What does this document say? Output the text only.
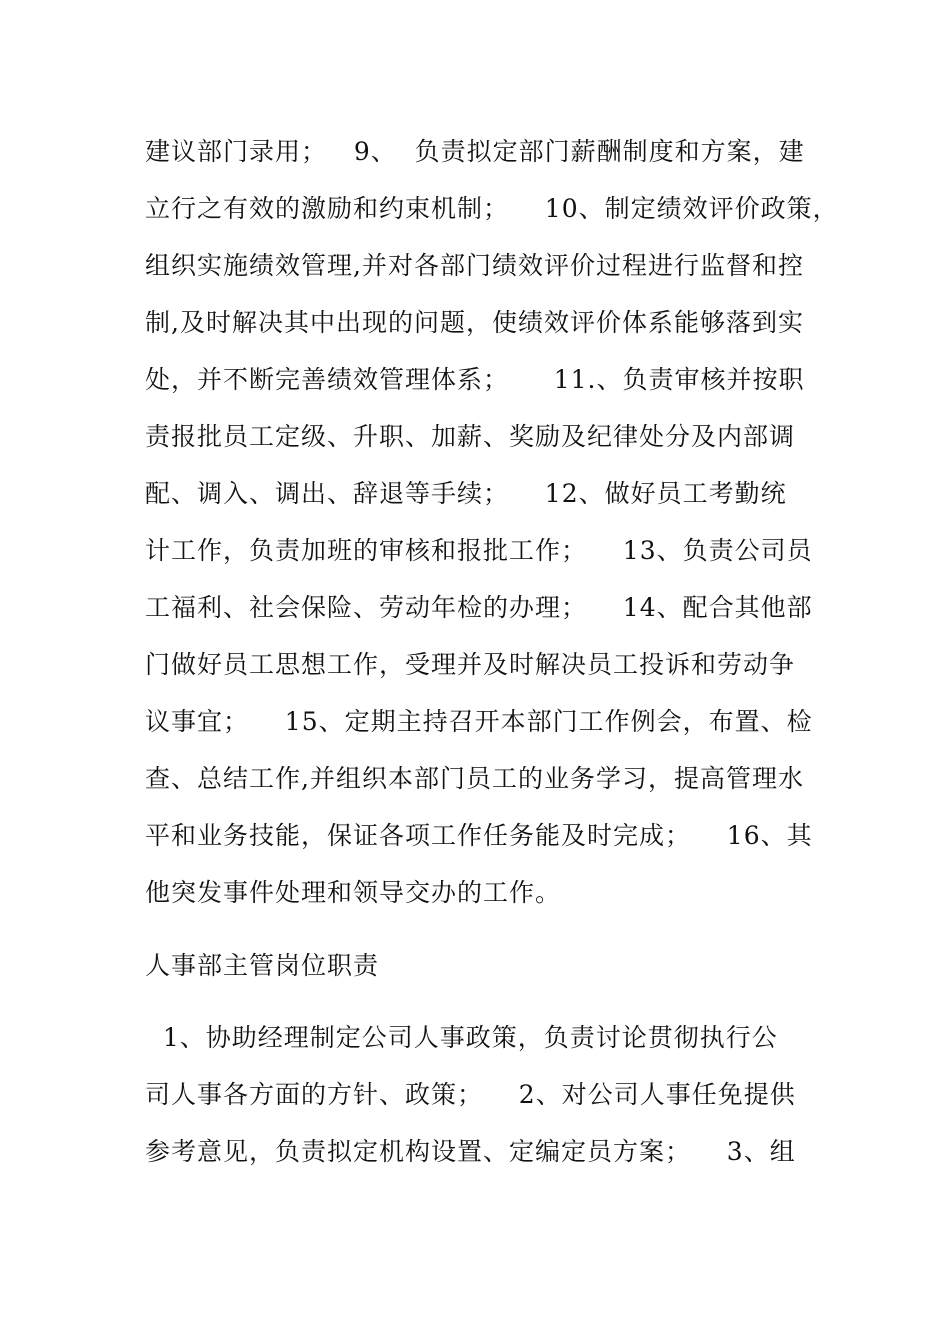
建议部门录用；   9、  负责拟定部门薪酬制度和方案，建
立行之有效的激励和约束机制；    10、制定绩效评价政策，
组织实施绩效管理,并对各部门绩效评价过程进行监督和控
制,及时解决其中出现的问题，使绩效评价体系能够落到实
处，并不断完善绩效管理体系；     11.、负责审核并按职
责报批员工定级、升职、加薪、奖励及纪律处分及内部调
配、调入、调出、辞退等手续；    12、做好员工考勤统
计工作，负责加班的审核和报批工作；    13、负责公司员
工福利、社会保险、劳动年检的办理；    14、配合其他部
门做好员工思想工作，受理并及时解决员工投诉和劳动争
议事宜；    15、定期主持召开本部门工作例会，布置、检
查、总结工作,并组织本部门员工的业务学习，提高管理水
平和业务技能，保证各项工作任务能及时完成；    16、其
他突发事件处理和领导交办的工作。
人事部主管岗位职责
1、协助经理制定公司人事政策，负责讨论贯彻执行公
司人事各方面的方针、政策；    2、对公司人事任免提供
参考意见，负责拟定机构设置、定编定员方案；    3、组
